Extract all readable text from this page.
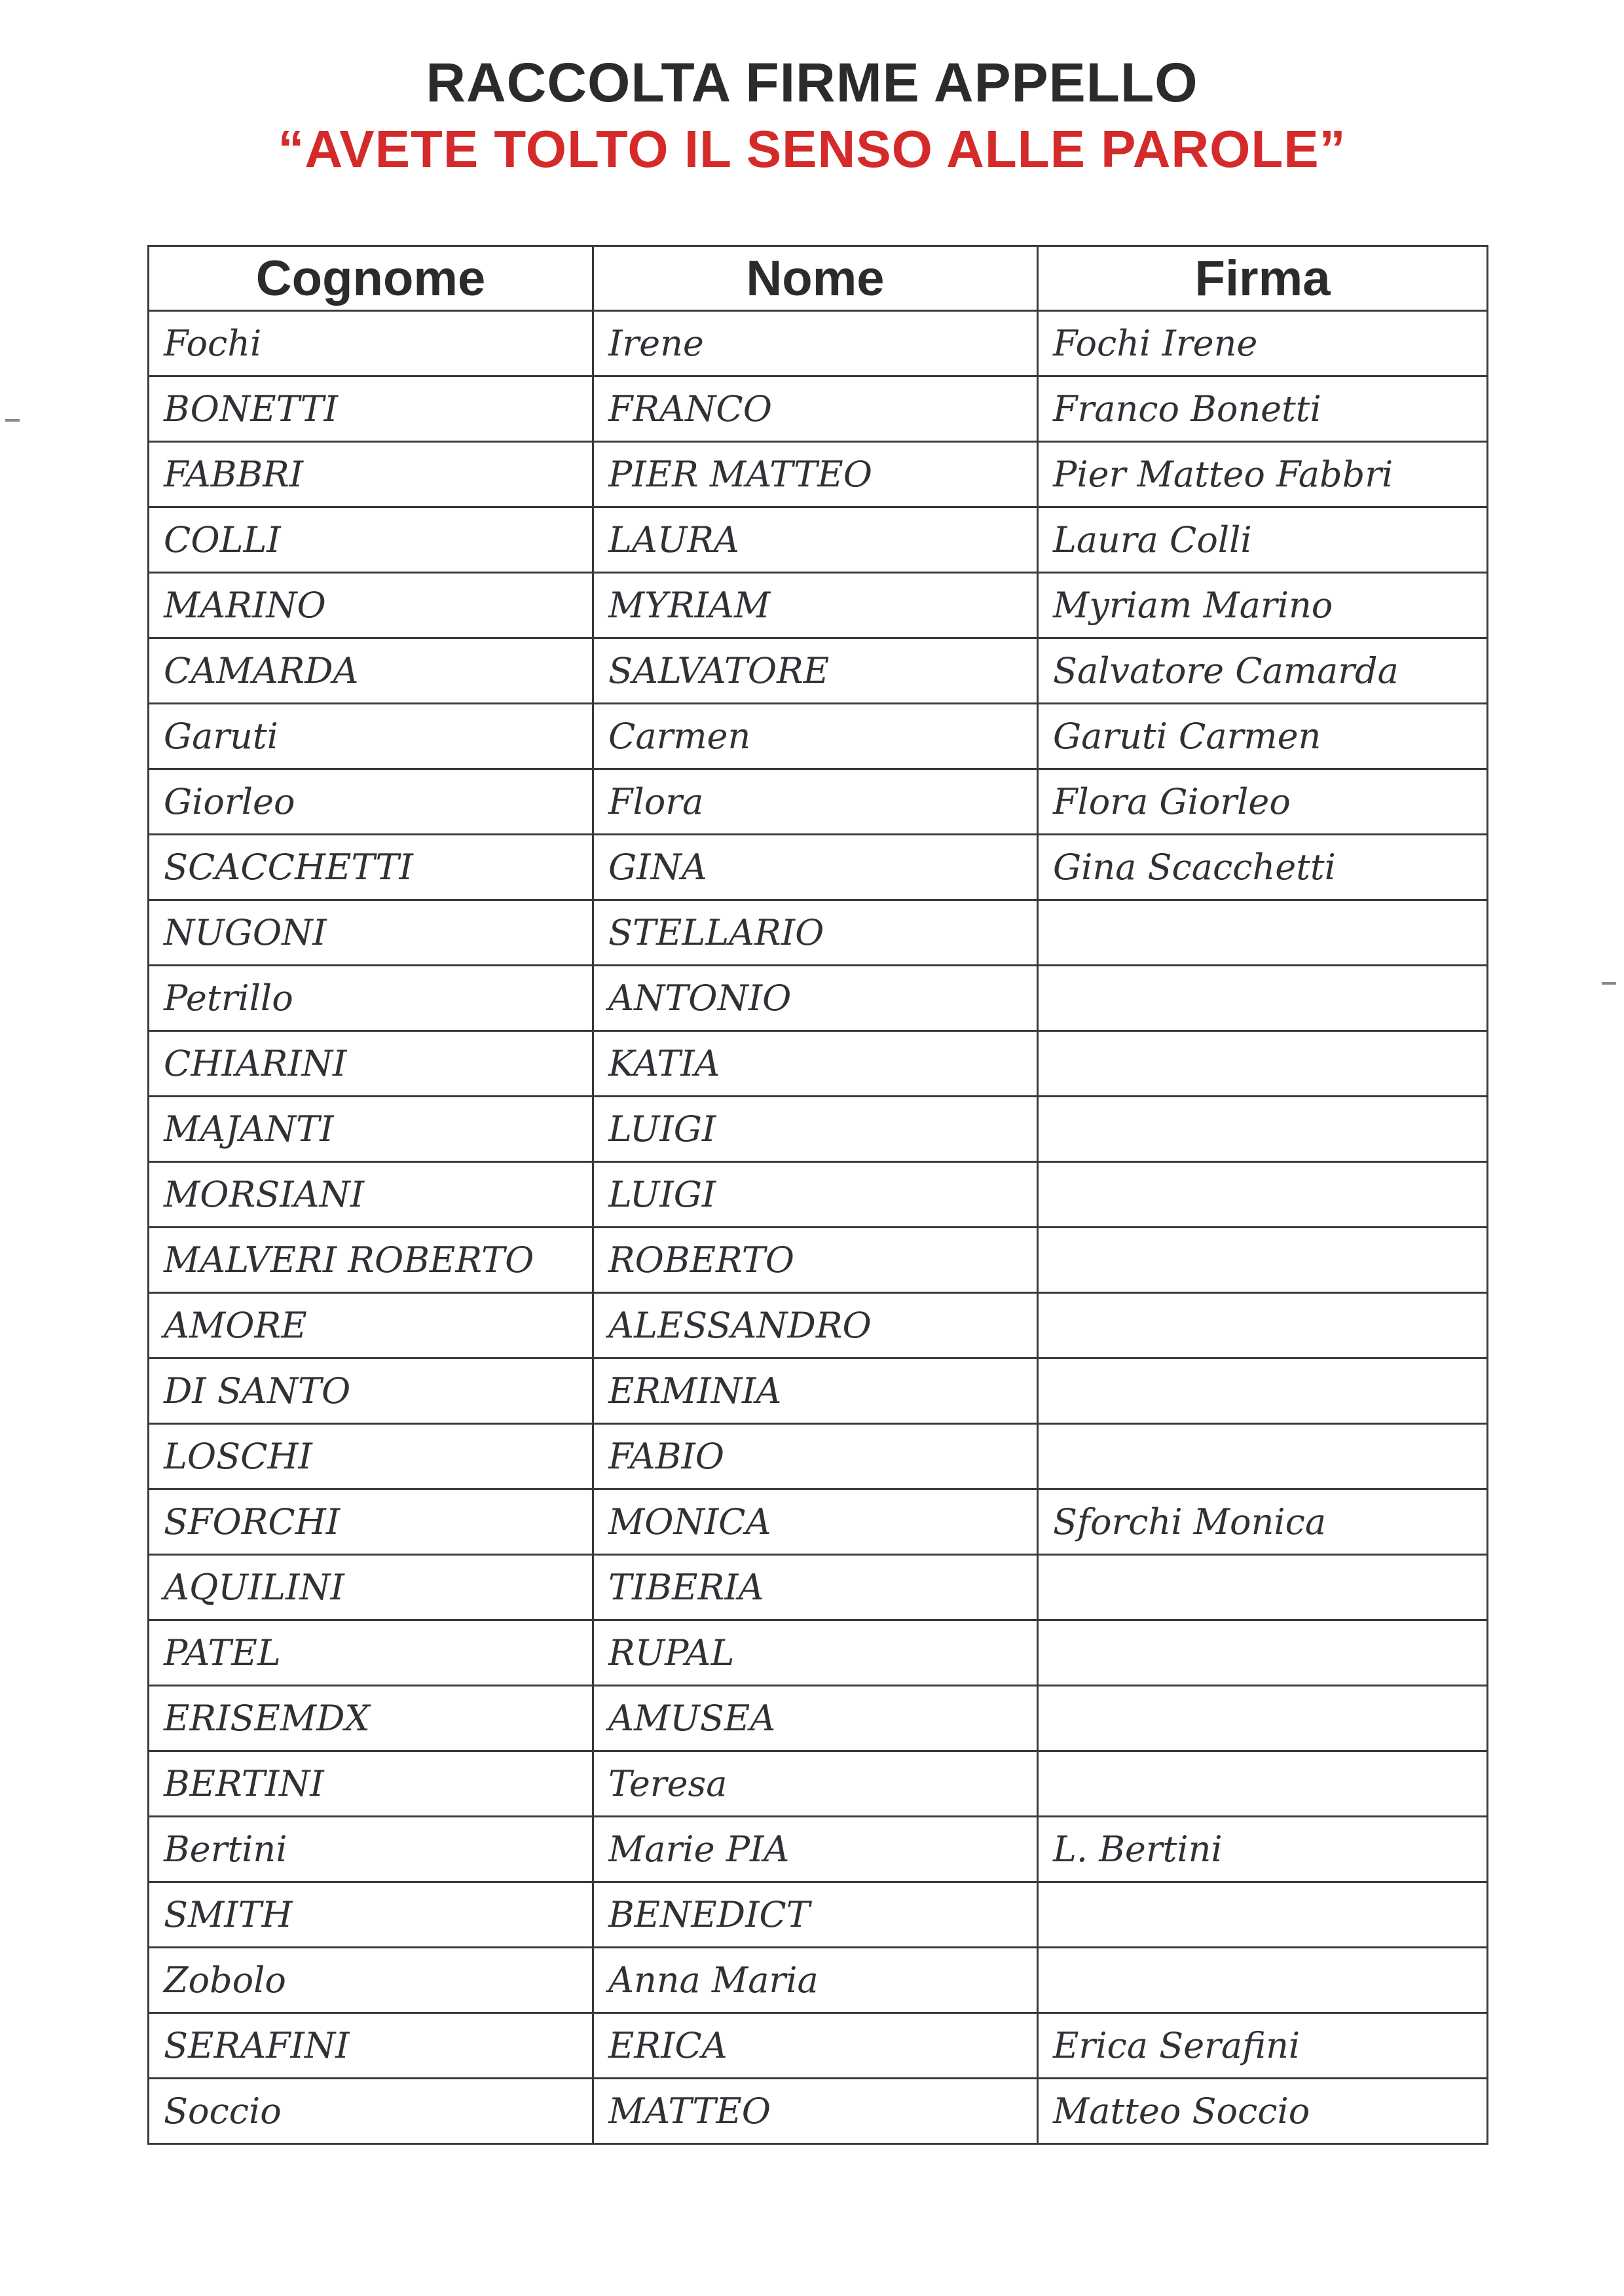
RACCOLTA FIRME APPELLO
“AVETE TOLTO IL SENSO ALLE PAROLE”
Cognome	Nome	Firma
Fochi	Irene	Fochi Irene
BONETTI	FRANCO	Franco Bonetti
FABBRI	PIER MATTEO	Pier Matteo Fabbri
COLLI	LAURA	Laura Colli
MARINO	MYRIAM	Myriam Marino
CAMARDA	SALVATORE	Salvatore Camarda
Garuti	Carmen	Garuti Carmen
Giorleo	Flora	Flora Giorleo
SCACCHETTI	GINA	Gina Scacchetti
NUGONI	STELLARIO	
Petrillo	ANTONIO	
CHIARINI	KATIA	
MAJANTI	LUIGI	
MORSIANI	LUIGI	
MALVERI ROBERTO	ROBERTO	
AMORE	ALESSANDRO	
DI SANTO	ERMINIA	
LOSCHI	FABIO	
SFORCHI	MONICA	Sforchi Monica
AQUILINI	TIBERIA	
PATEL	RUPAL	
ERISEMDX	AMUSEA	
BERTINI	Teresa	
Bertini	Marie PIA	L. Bertini
SMITH	BENEDICT	
Zobolo	Anna Maria	
SERAFINI	ERICA	Erica Serafini
Soccio	MATTEO	Matteo Soccio
